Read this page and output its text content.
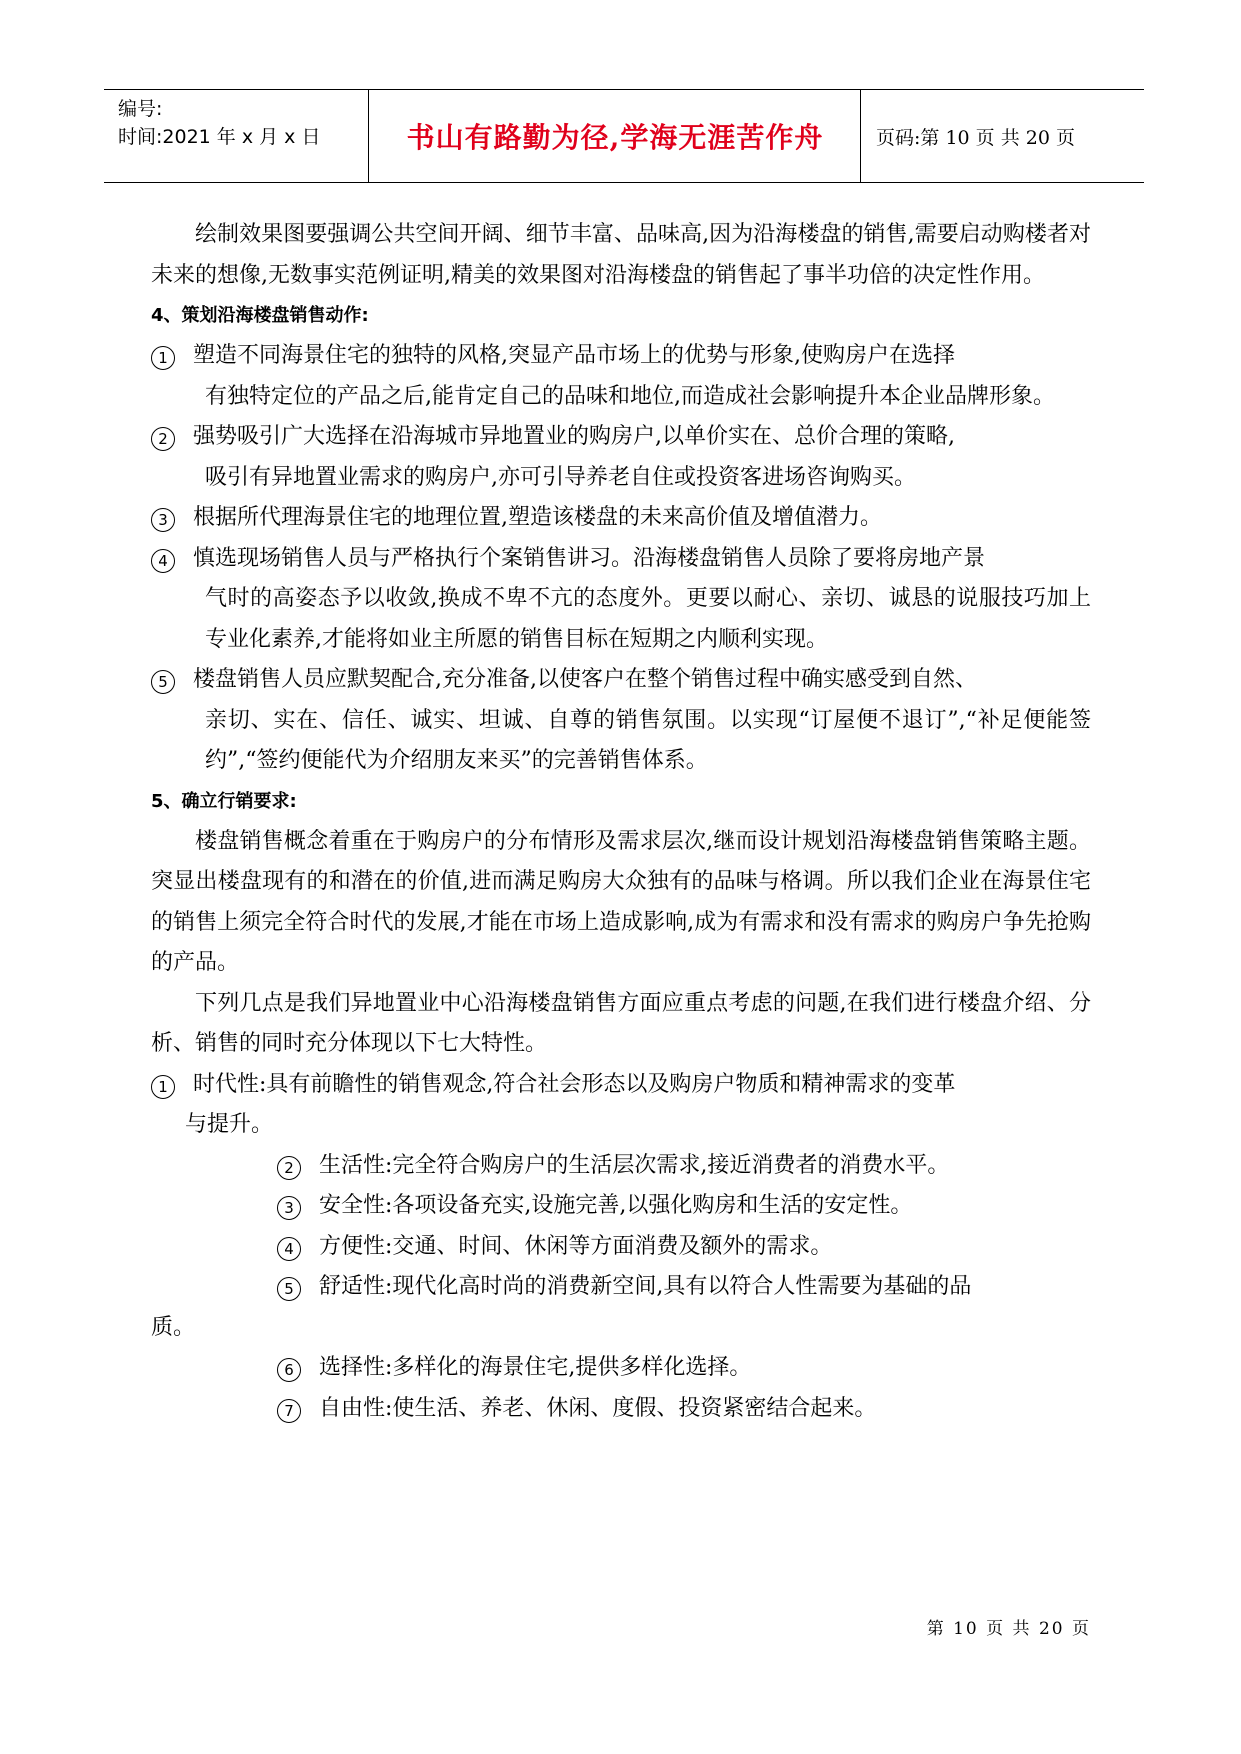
编号:
时间:2021 年 x 月 x 日	书山有路勤为径,学海无涯苦作舟	页码:第 10 页 共 20 页

绘制效果图要强调公共空间开阔、细节丰富、品味高,因为沿海楼盘的销售,需要启动购楼者对未来的想像,无数事实范例证明,精美的效果图对沿海楼盘的销售起了事半功倍的决定性作用。

4、策划沿海楼盘销售动作:

1	塑造不同海景住宅的独特的风格,突显产品市场上的优势与形象,使购房户在选择
有独特定位的产品之后,能肯定自己的品味和地位,而造成社会影响提升本企业品牌形象。
2	强势吸引广大选择在沿海城市异地置业的购房户,以单价实在、总价合理的策略,
吸引有异地置业需求的购房户,亦可引导养老自住或投资客进场咨询购买。
3	根据所代理海景住宅的地理位置,塑造该楼盘的未来高价值及增值潜力。
4	慎选现场销售人员与严格执行个案销售讲习。沿海楼盘销售人员除了要将房地产景
气时的高姿态予以收敛,换成不卑不亢的态度外。更要以耐心、亲切、诚恳的说服技巧加上专业化素养,才能将如业主所愿的销售目标在短期之内顺利实现。
5	楼盘销售人员应默契配合,充分准备,以使客户在整个销售过程中确实感受到自然、
亲切、实在、信任、诚实、坦诚、自尊的销售氛围。以实现“订屋便不退订”,“补足便能签约”,“签约便能代为介绍朋友来买”的完善销售体系。

5、确立行销要求:

楼盘销售概念着重在于购房户的分布情形及需求层次,继而设计规划沿海楼盘销售策略主题。突显出楼盘现有的和潜在的价值,进而满足购房大众独有的品味与格调。所以我们企业在海景住宅的销售上须完全符合时代的发展,才能在市场上造成影响,成为有需求和没有需求的购房户争先抢购的产品。

下列几点是我们异地置业中心沿海楼盘销售方面应重点考虑的问题,在我们进行楼盘介绍、分析、销售的同时充分体现以下七大特性。

1	时代性:具有前瞻性的销售观念,符合社会形态以及购房户物质和精神需求的变革
与提升。
2	生活性:完全符合购房户的生活层次需求,接近消费者的消费水平。
3	安全性:各项设备充实,设施完善,以强化购房和生活的安定性。
4	方便性:交通、时间、休闲等方面消费及额外的需求。
5	舒适性:现代化高时尚的消费新空间,具有以符合人性需要为基础的品
质。
6	选择性:多样化的海景住宅,提供多样化选择。
7	自由性:使生活、养老、休闲、度假、投资紧密结合起来。
第 10 页 共 20 页
